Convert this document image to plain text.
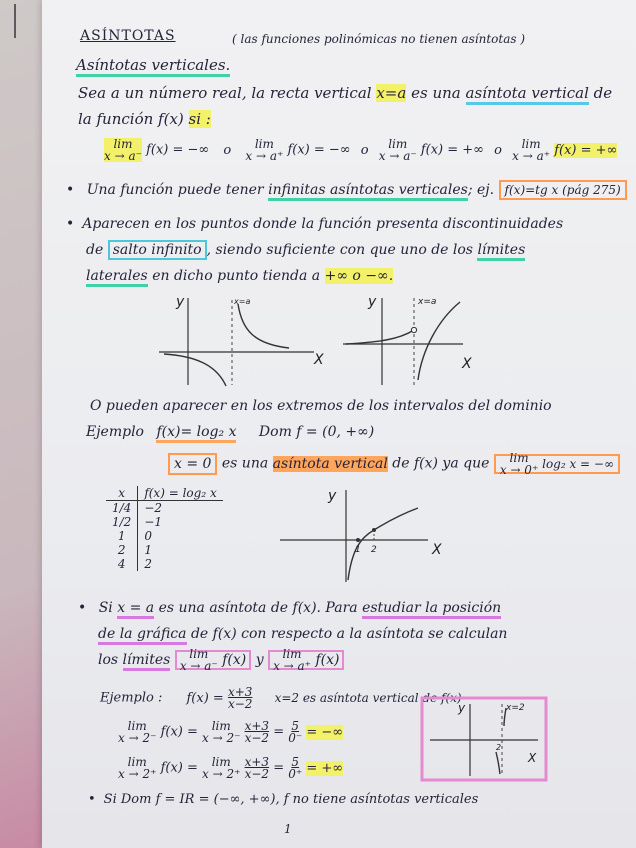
ASÍNTOTAS	( las funciones polinómicas no tienen asíntotas )
Asíntotas verticales.
Sea a un número real, la recta vertical x=a es una asíntota vertical de
la función f(x) si :
lim
x → a⁻ f(x) = −∞ o lim
x → a⁺ f(x) = −∞ o lim
x → a⁻ f(x) = +∞ o lim
x → a⁺ f(x) = +∞
• Una función puede tener infinitas asíntotas verticales; ej. f(x)=tg x (pág 275)
• Aparecen en los puntos donde la función presenta discontinuidades
de salto infinito , siendo suficiente con que uno de los límites
laterales en dicho punto tienda a +∞ o −∞.
y
X
x=a	y
X
x=a
O pueden aparecer en los extremos de los intervalos del dominio
Ejemplo f(x)= log₂ x Dom f = (0, +∞)
x = 0 es una asíntota vertical de f(x) ya que lim
x → 0⁺ log₂ x = −∞
x	f(x) = log₂ x
1/4	−2
1/2	−1
1	0
2	1
4	2
y
X
1 2
• Si x = a es una asíntota de f(x). Para estudiar la posición
de la gráfica de f(x) con respecto a la asíntota se calculan
los límites lim
x → a⁻ f(x) y lim
x → a⁺ f(x)
Ejemplo : $f(x) = \frac{x+3}{x-2} x=2$ es asíntota vertical de f(x)
lim
x → 2⁻ f(x) = lim
$x \to 2^- \frac{x+3}{x-2} = \frac{5}{0^-}$ = −∞
lim
x → 2⁺ f(x) = lim
$x \to 2^+ \frac{x+3}{x-2} = \frac{5}{0^+}$ = +∞
y
X
x=2
2
• Si Dom f = IR = (−∞, +∞), f no tiene asíntotas verticales
1
